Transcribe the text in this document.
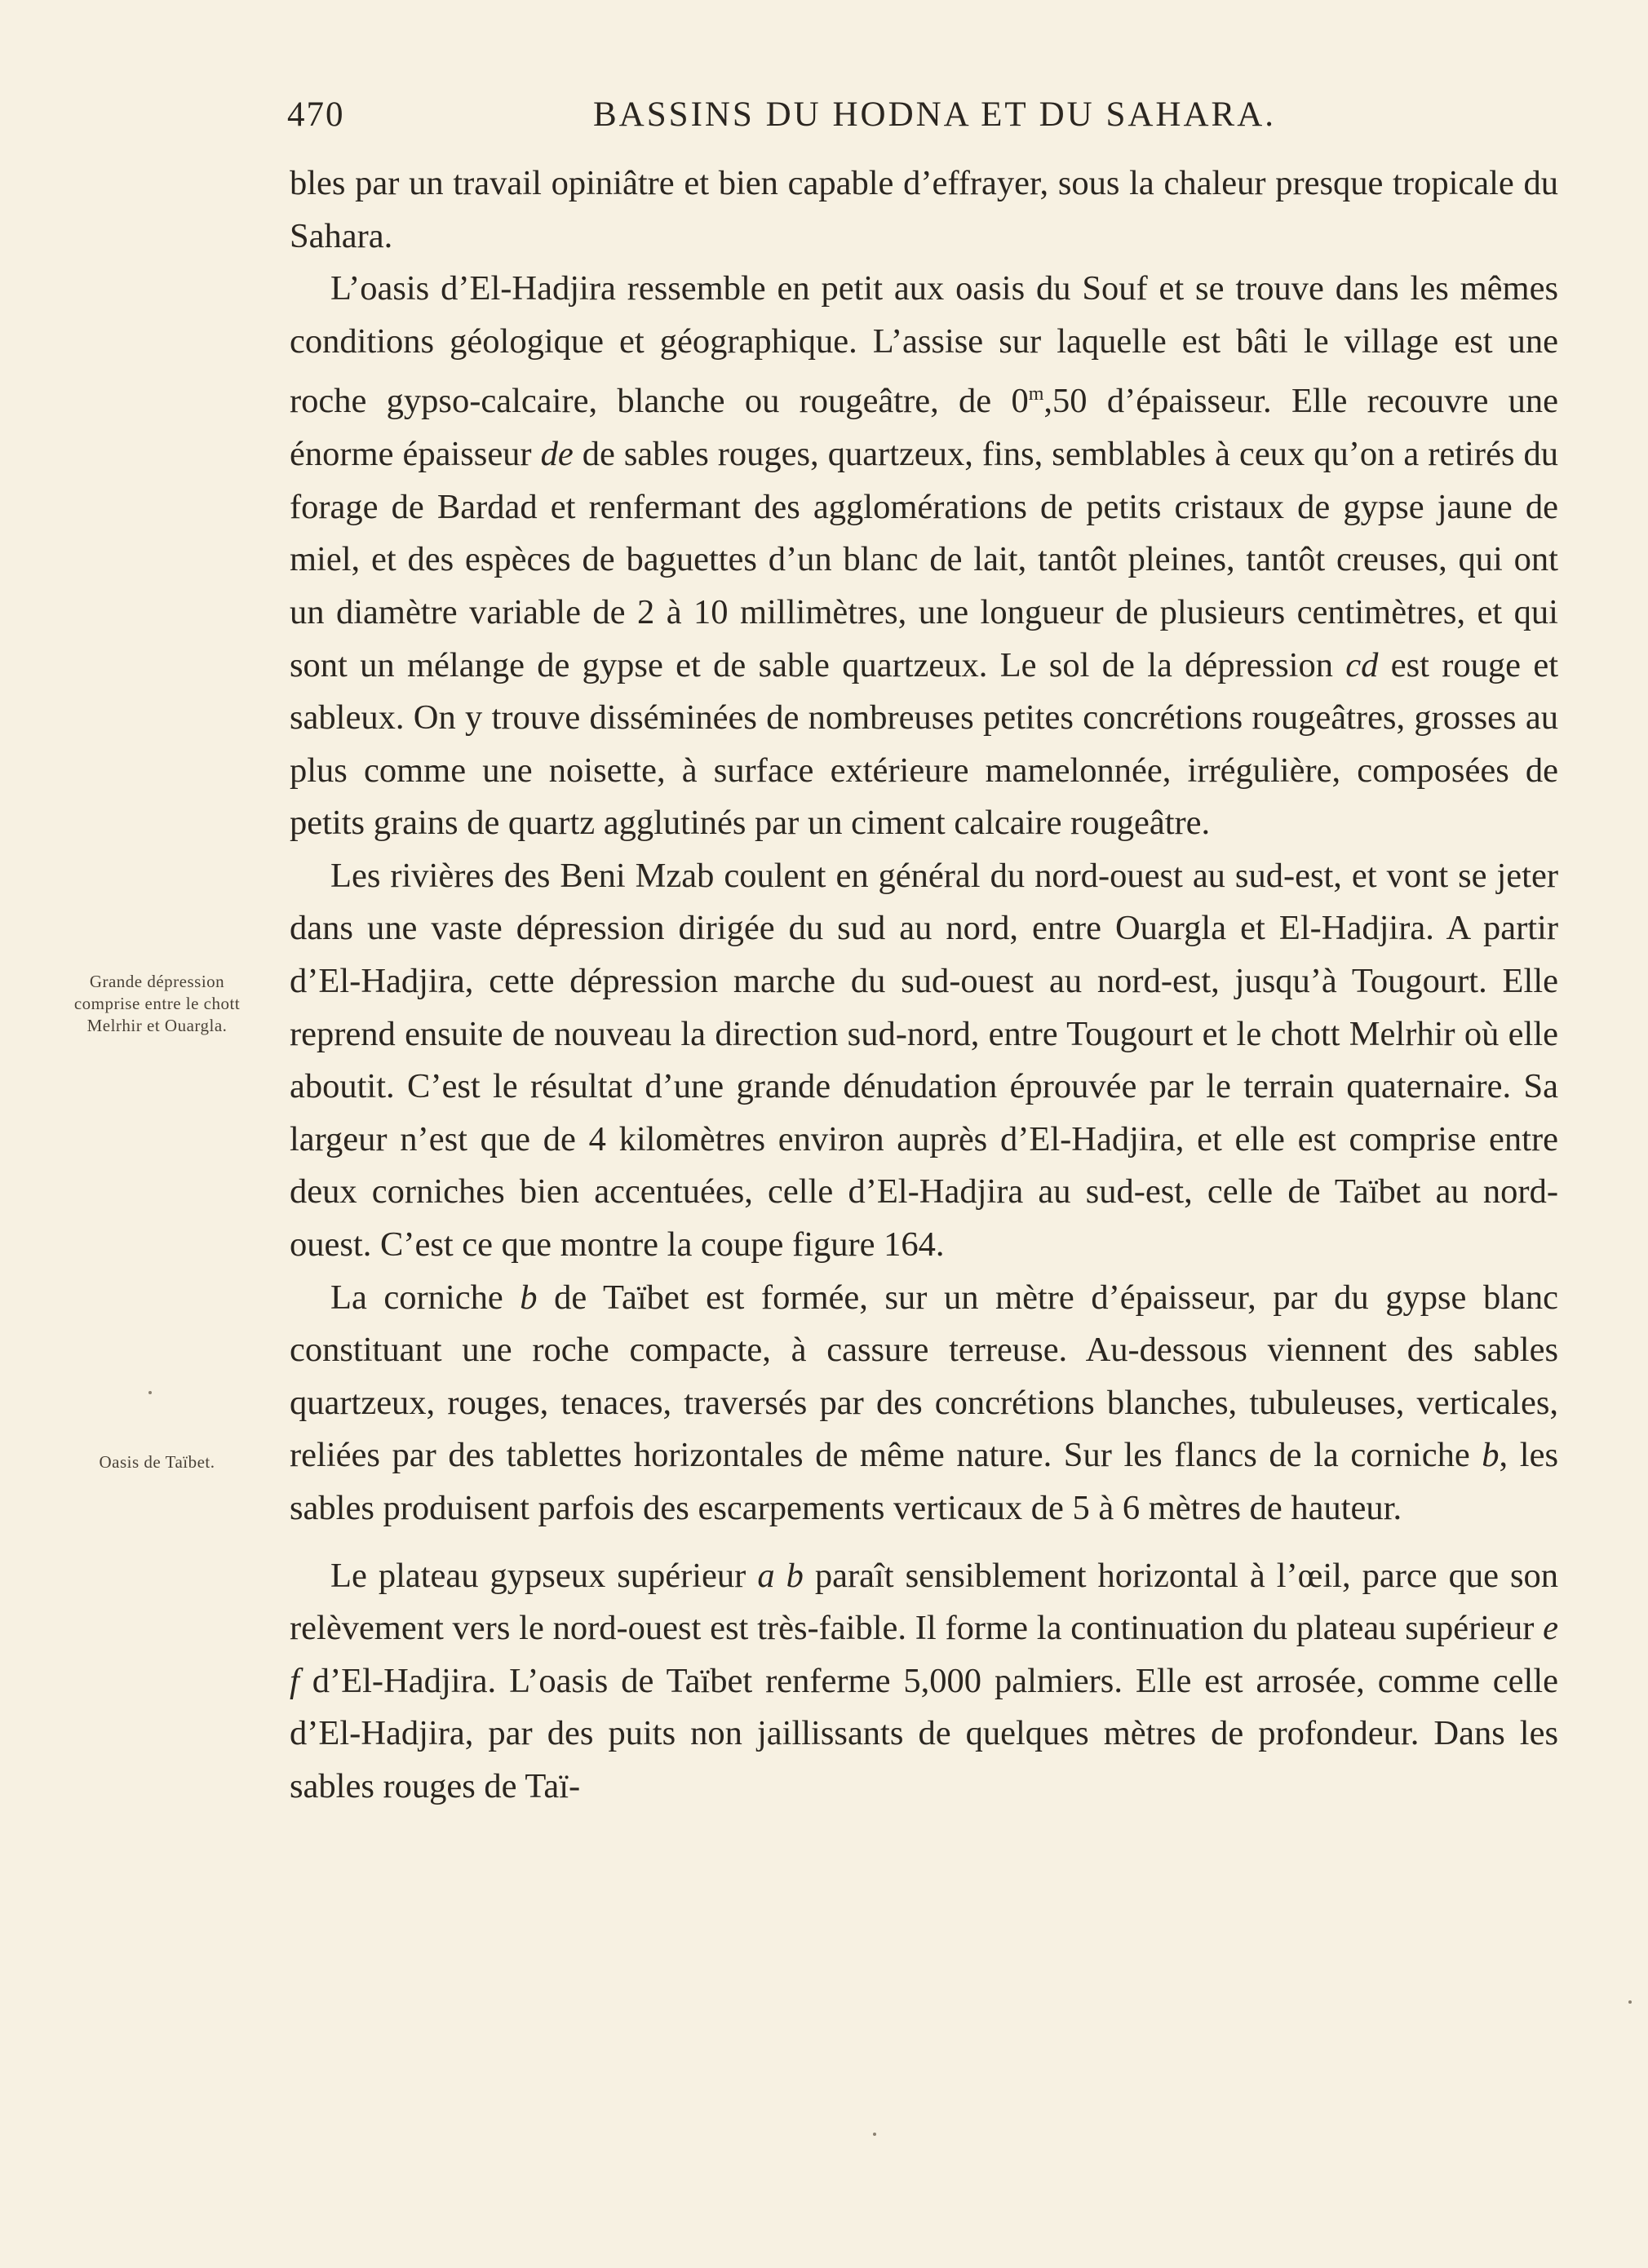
470	BASSINS DU HODNA ET DU SAHARA.
Grande dépression comprise entre le chott Melrhir et Ouargla.
Oasis de Taïbet.

bles par un travail opiniâtre et bien capable d’effrayer, sous la chaleur presque tropicale du Sahara.

L’oasis d’El-Hadjira ressemble en petit aux oasis du Souf et se trouve dans les mêmes conditions géologique et géographique. L’assise sur laquelle est bâti le village est une roche gypso-calcaire, blanche ou rougeâtre, de 0$^m$,50 d’épaisseur. Elle recouvre une énorme épaisseur de de sables rouges, quartzeux, fins, semblables à ceux qu’on a retirés du forage de Bardad et renfermant des agglomérations de petits cristaux de gypse jaune de miel, et des espèces de baguettes d’un blanc de lait, tantôt pleines, tantôt creuses, qui ont un diamètre variable de 2 à 10 millimètres, une longueur de plusieurs centimètres, et qui sont un mélange de gypse et de sable quartzeux. Le sol de la dépression cd est rouge et sableux. On y trouve disséminées de nombreuses petites concrétions rougeâtres, grosses au plus comme une noisette, à surface extérieure mamelonnée, irrégulière, composées de petits grains de quartz agglutinés par un ciment calcaire rougeâtre.

Les rivières des Beni Mzab coulent en général du nord-ouest au sud-est, et vont se jeter dans une vaste dépression dirigée du sud au nord, entre Ouargla et El-Hadjira. A partir d’El-Hadjira, cette dépression marche du sud-ouest au nord-est, jusqu’à Tougourt. Elle reprend ensuite de nouveau la direction sud-nord, entre Tougourt et le chott Melrhir où elle aboutit. C’est le résultat d’une grande dénudation éprouvée par le terrain quaternaire. Sa largeur n’est que de 4 kilomètres environ auprès d’El-Hadjira, et elle est comprise entre deux corniches bien accentuées, celle d’El-Hadjira au sud-est, celle de Taïbet au nord-ouest. C’est ce que montre la coupe figure 164.

La corniche b de Taïbet est formée, sur un mètre d’épaisseur, par du gypse blanc constituant une roche compacte, à cassure terreuse. Au-dessous viennent des sables quartzeux, rouges, tenaces, traversés par des concrétions blanches, tubuleuses, verticales, reliées par des tablettes horizontales de même nature. Sur les flancs de la corniche b, les sables produisent parfois des escarpements verticaux de 5 à 6 mètres de hauteur.

Le plateau gypseux supérieur a b paraît sensiblement horizontal à l’œil, parce que son relèvement vers le nord-ouest est très-faible. Il forme la continuation du plateau supérieur e f d’El-Hadjira. L’oasis de Taïbet renferme 5,000 palmiers. Elle est arrosée, comme celle d’El-Hadjira, par des puits non jaillissants de quelques mètres de profondeur. Dans les sables rouges de Taï-
